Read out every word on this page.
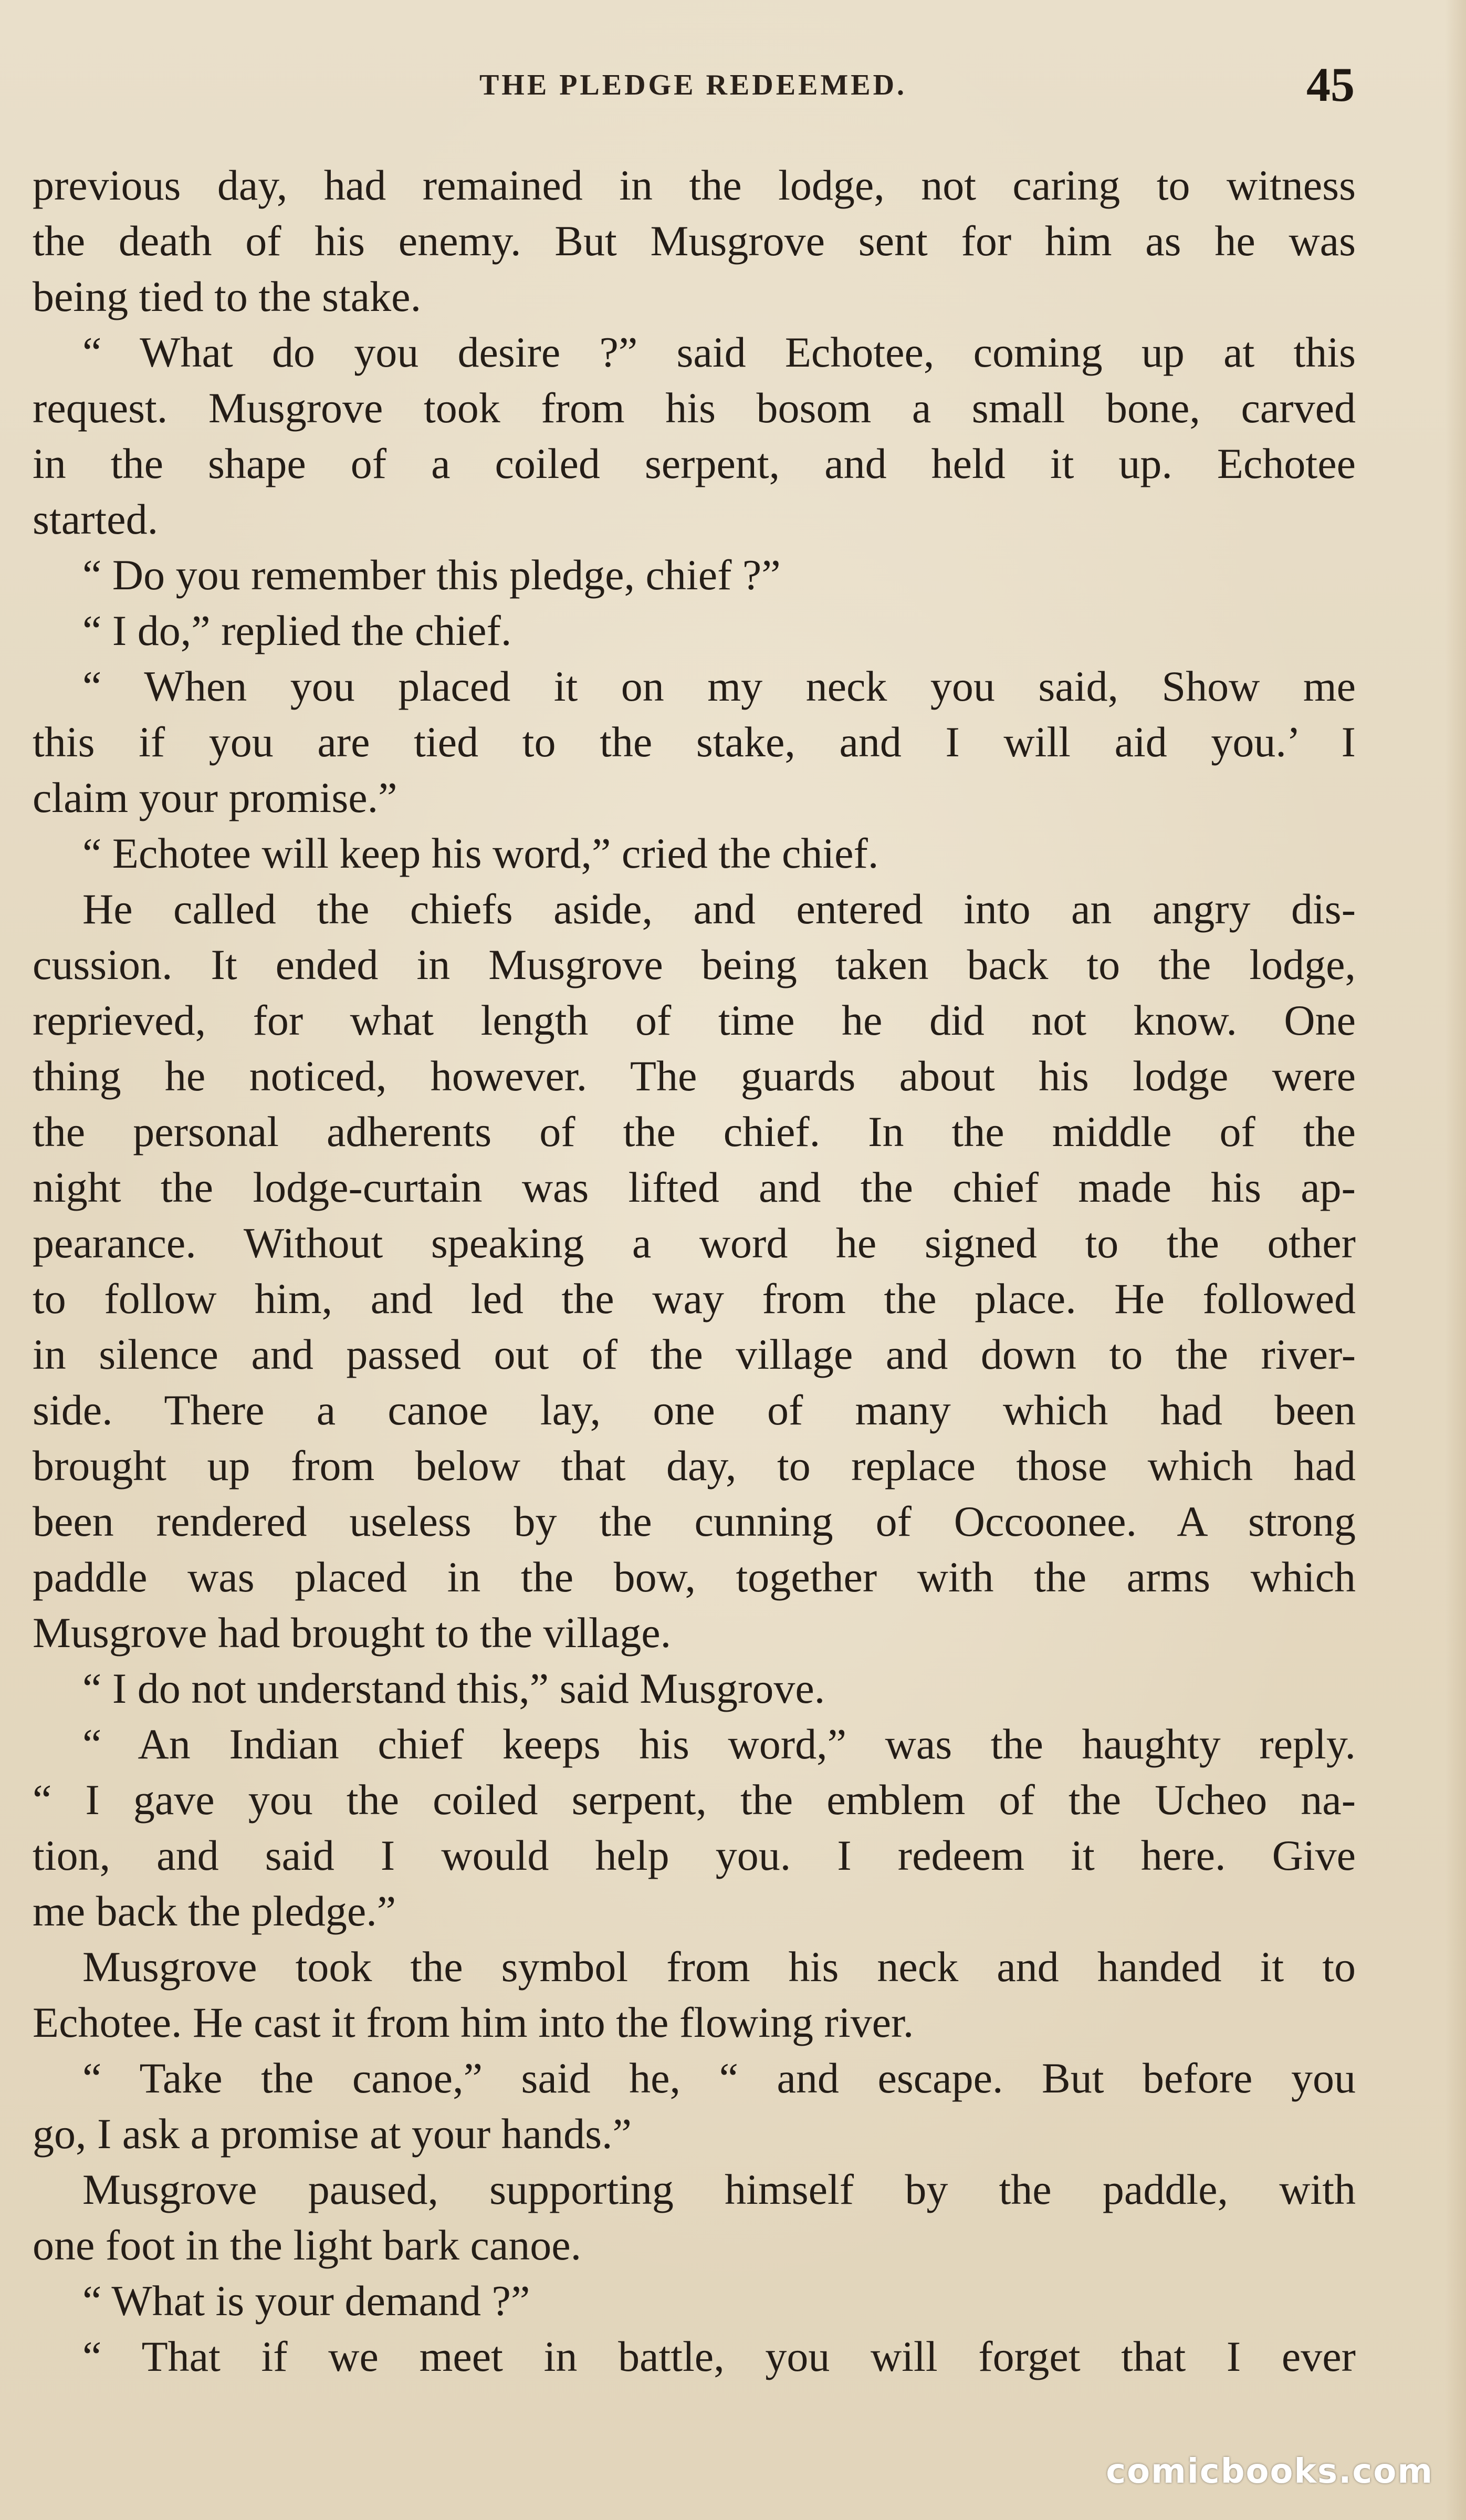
THE PLEDGE REDEEMED.	45
previous day, had remained in the lodge, not caring to witness
the death of his enemy. But Musgrove sent for him as he was
being tied to the stake.
“ What do you desire ?” said Echotee, coming up at this
request. Musgrove took from his bosom a small bone, carved
in the shape of a coiled serpent, and held it up. Echotee
started.
“ Do you remember this pledge, chief ?”
“ I do,” replied the chief.
“ When you placed it on my neck you said, Show me
this if you are tied to the stake, and I will aid you.’ I
claim your promise.”
“ Echotee will keep his word,” cried the chief.
He called the chiefs aside, and entered into an angry dis-
cussion. It ended in Musgrove being taken back to the lodge,
reprieved, for what length of time he did not know. One
thing he noticed, however. The guards about his lodge were
the personal adherents of the chief. In the middle of the
night the lodge-curtain was lifted and the chief made his ap-
pearance. Without speaking a word he signed to the other
to follow him, and led the way from the place. He followed
in silence and passed out of the village and down to the river-
side. There a canoe lay, one of many which had been
brought up from below that day, to replace those which had
been rendered useless by the cunning of Occoonee. A strong
paddle was placed in the bow, together with the arms which
Musgrove had brought to the village.
“ I do not understand this,” said Musgrove.
“ An Indian chief keeps his word,” was the haughty reply.
“ I gave you the coiled serpent, the emblem of the Ucheo na-
tion, and said I would help you. I redeem it here. Give
me back the pledge.”
Musgrove took the symbol from his neck and handed it to
Echotee. He cast it from him into the flowing river.
“ Take the canoe,” said he, “ and escape. But before you
go, I ask a promise at your hands.”
Musgrove paused, supporting himself by the paddle, with
one foot in the light bark canoe.
“ What is your demand ?”
“ That if we meet in battle, you will forget that I ever
comicbooks.com
